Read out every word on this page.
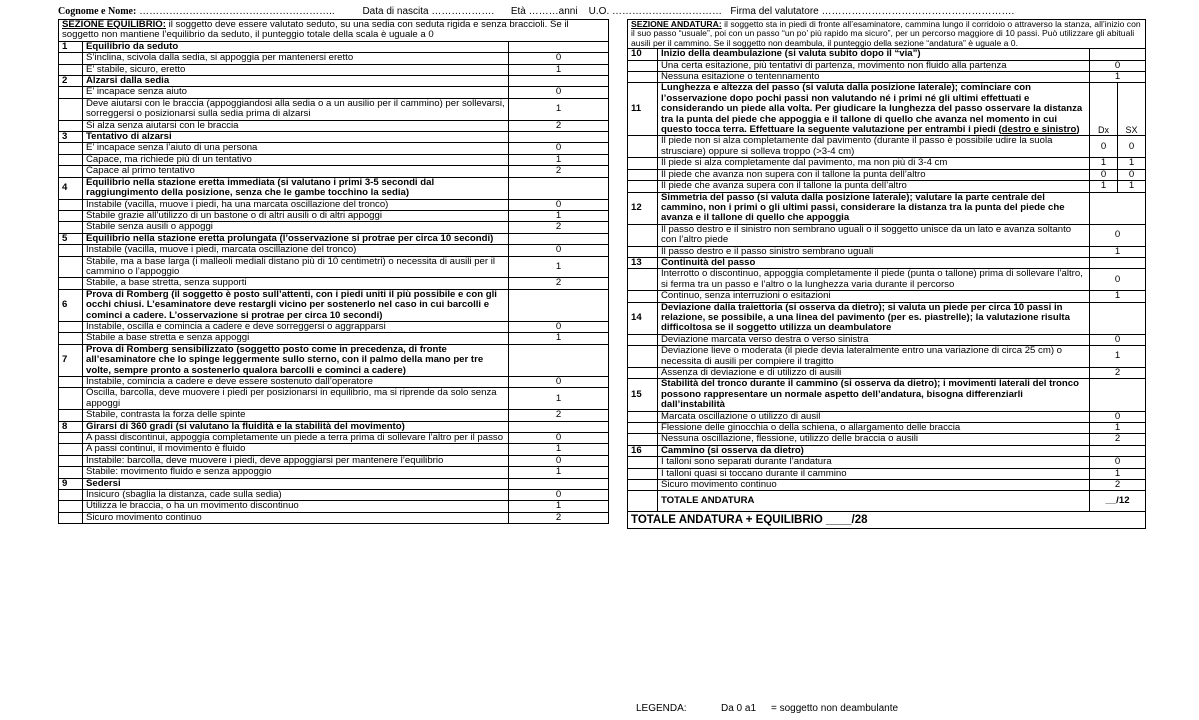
Cognome e Nome: …………………………………………………..	Data di nascita ………………. Età ………anni U.O. …………………………… Firma del valutatore ………………………………………………….
SEZIONE EQUILIBRIO: il soggetto deve essere valutato seduto, su una sedia con seduta rigida e senza braccioli. Se il soggetto non mantiene l’equilibrio da seduto, il punteggio totale della scala è uguale a 0		
1	Equilibrio da seduto	
	S’inclina, scivola dalla sedia, si appoggia per mantenersi eretto	0
	E’ stabile, sicuro, eretto	1
2	Alzarsi dalla sedia	
	E’ incapace senza aiuto	0
	Deve aiutarsi con le braccia (appoggiandosi alla sedia o a un ausilio per il cammino) per sollevarsi, sorreggersi o posizionarsi sulla sedia prima di alzarsi	1
	Si alza senza aiutarsi con le braccia	2
3	Tentativo di alzarsi	
	E’ incapace senza l’aiuto di una persona	0
	Capace, ma richiede più di un tentativo	1
	Capace al primo tentativo	2
4	Equilibrio nella stazione eretta immediata (si valutano i primi 3-5 secondi dal raggiungimento della posizione, senza che le gambe tocchino la sedia)	
	Instabile (vacilla, muove i piedi, ha una marcata oscillazione del tronco)	0
	Stabile grazie all’utilizzo di un bastone o di altri ausili o di altri appoggi	1
	Stabile senza ausili o appoggi	2
5	Equilibrio nella stazione eretta prolungata (l’osservazione si protrae per circa 10 secondi)	
	Instabile (vacilla, muove i piedi, marcata oscillazione del tronco)	0
	Stabile, ma a base larga (i malleoli mediali distano più di 10 centimetri) o necessita di ausili per il cammino o l’appoggio	1
	Stabile, a base stretta, senza supporti	2
6	Prova di Romberg (il soggetto è posto sull’attenti, con i piedi uniti il più possibile e con gli occhi chiusi. L’esaminatore deve restargli vicino per sostenerlo nel caso in cui barcolli e cominci a cadere. L’osservazione si protrae per circa 10 secondi)	
	Instabile, oscilla e comincia a cadere e deve sorreggersi o aggrapparsi	0
	Stabile a base stretta e senza appoggi	1
7	Prova di Romberg sensibilizzato (soggetto posto come in precedenza, di fronte all’esaminatore che lo spinge leggermente sullo sterno, con il palmo della mano per tre volte, sempre pronto a sostenerlo qualora barcolli e cominci a cadere)	
	Instabile, comincia a cadere e deve essere sostenuto dall’operatore	0
	Oscilla, barcolla, deve muovere i piedi per posizionarsi in equilibrio, ma si riprende da solo senza appoggi	1
	Stabile, contrasta la forza delle spinte	2
8	Girarsi di 360 gradi (si valutano la fluidità e la stabilità del movimento)	
	A passi discontinui, appoggia completamente un piede a terra prima di sollevare l’altro per il passo	0
	A passi continui, il movimento è fluido	1
	Instabile: barcolla, deve muovere i piedi, deve appoggiarsi per mantenere l’equilibrio	0
	Stabile: movimento fluido e senza appoggio	1
9	Sedersi	
	Insicuro (sbaglia la distanza, cade sulla sedia)	0
	Utilizza le braccia, o ha un movimento discontinuo	1
	Sicuro movimento continuo	2
SEZIONE ANDATURA: il soggetto sta in piedi di fronte all’esaminatore, cammina lungo il corridoio o attraverso la stanza, all’inizio con il suo passo “usuale”, poi con un passo “un po’ più rapido ma sicuro”, per un percorso maggiore di 10 passi. Può utilizzare gli abituali ausili per il cammino. Se il soggetto non deambula, il punteggio della sezione “andatura” è uguale a 0.			
10	Inizio della deambulazione (si valuta subito dopo il “via”)		
	Una certa esitazione, più tentativi di partenza, movimento non fluido alla partenza	0	
	Nessuna esitazione o tentennamento	1	
11	Lunghezza e altezza del passo (si valuta dalla posizione laterale); cominciare con l’osservazione dopo pochi passi non valutando né i primi né gli ultimi effettuati e considerando un piede alla volta. Per giudicare la lunghezza del passo osservare la distanza tra la punta del piede che appoggia e il tallone di quello che avanza nel momento in cui questo tocca terra. Effettuare la seguente valutazione per entrambi i piedi (destro e sinistro)	Dx	SX
	Il piede non si alza completamente dal pavimento (durante il passo è possibile udire la suola strusciare) oppure si solleva troppo (>3-4 cm)	0	0
	Il piede si alza completamente dal pavimento, ma non più di 3-4 cm	1	1
	Il piede che avanza non supera con il tallone la punta dell’altro	0	0
	Il piede che avanza supera con il tallone la punta dell’altro	1	1
12	Simmetria del passo (si valuta dalla posizione laterale); valutare la parte centrale del cammino, non i primi o gli ultimi passi, considerare la distanza tra la punta del piede che avanza e il tallone di quello che appoggia		
	Il passo destro e il sinistro non sembrano uguali o il soggetto unisce da un lato e avanza soltanto con l’altro piede	0	
	Il passo destro e il passo sinistro sembrano uguali	1	
13	Continuità del passo		
	Interrotto o discontinuo, appoggia completamente il piede (punta o tallone) prima di sollevare l’altro, si ferma tra un passo e l’altro o la lunghezza varia durante il percorso	0	
	Continuo, senza interruzioni o esitazioni	1	
14	Deviazione dalla traiettoria (si osserva da dietro); si valuta un piede per circa 10 passi in relazione, se possibile, a una linea del pavimento (per es. piastrelle); la valutazione risulta difficoltosa se il soggetto utilizza un deambulatore		
	Deviazione marcata verso destra o verso sinistra	0	
	Deviazione lieve o moderata (il piede devia lateralmente entro una variazione di circa 25 cm) o necessita di ausili per compiere il tragitto	1	
	Assenza di deviazione e di utilizzo di ausili	2	
15	Stabilità del tronco durante il cammino (si osserva da dietro); i movimenti laterali del tronco possono rappresentare un normale aspetto dell’andatura, bisogna differenziarli dall’instabilità		
	Marcata oscillazione o utilizzo di ausil	0	
	Flessione delle ginocchia o della schiena, o allargamento delle braccia	1	
	Nessuna oscillazione, flessione, utilizzo delle braccia o ausili	2	
16	Cammino (si osserva da dietro)		
	I talloni sono separati durante l’andatura	0	
	I talloni quasi si toccano durante il cammino	1	
	Sicuro movimento continuo	2	
	TOTALE ANDATURA	__/12	
TOTALE ANDATURA + EQUILIBRIO ____/28			
LEGENDA:	Da 0 a1 = soggetto non deambulante
